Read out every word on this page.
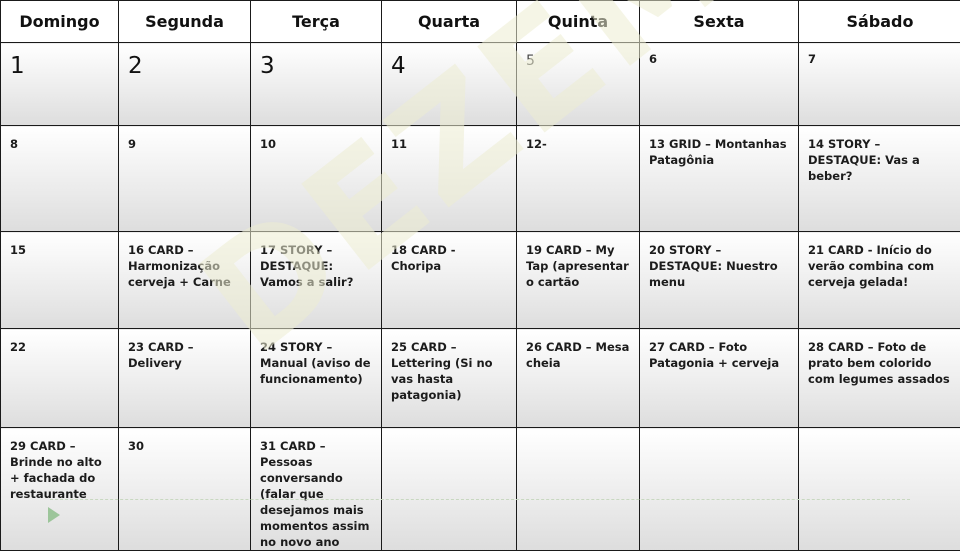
Domingo	Segunda	Terça	Quarta	Quinta	Sexta	Sábado

1	2	3	4	5	6	7

8	9	10	11	12-	13 GRID – Montanhas Patagônia	14 STORY – DESTAQUE: Vas a beber?

15	16 CARD – Harmonização cerveja + Carne	17 STORY – DESTAQUE: Vamos a salir?	18 CARD - Choripa	19 CARD – My Tap (apresentar o cartão	20 STORY – DESTAQUE: Nuestro menu	21 CARD - Início do verão combina com cerveja gelada!

22	23 CARD – Delivery	24 STORY – Manual (aviso de funcionamento)	25 CARD – Lettering (Si no vas hasta patagonia)	26 CARD – Mesa cheia	27 CARD – Foto Patagonia + cerveja	28 CARD – Foto de prato bem colorido com legumes assados

29 CARD – Brinde no alto + fachada do restaurante	30	31 CARD – Pessoas conversando (falar que desejamos mais momentos assim no novo ano				
